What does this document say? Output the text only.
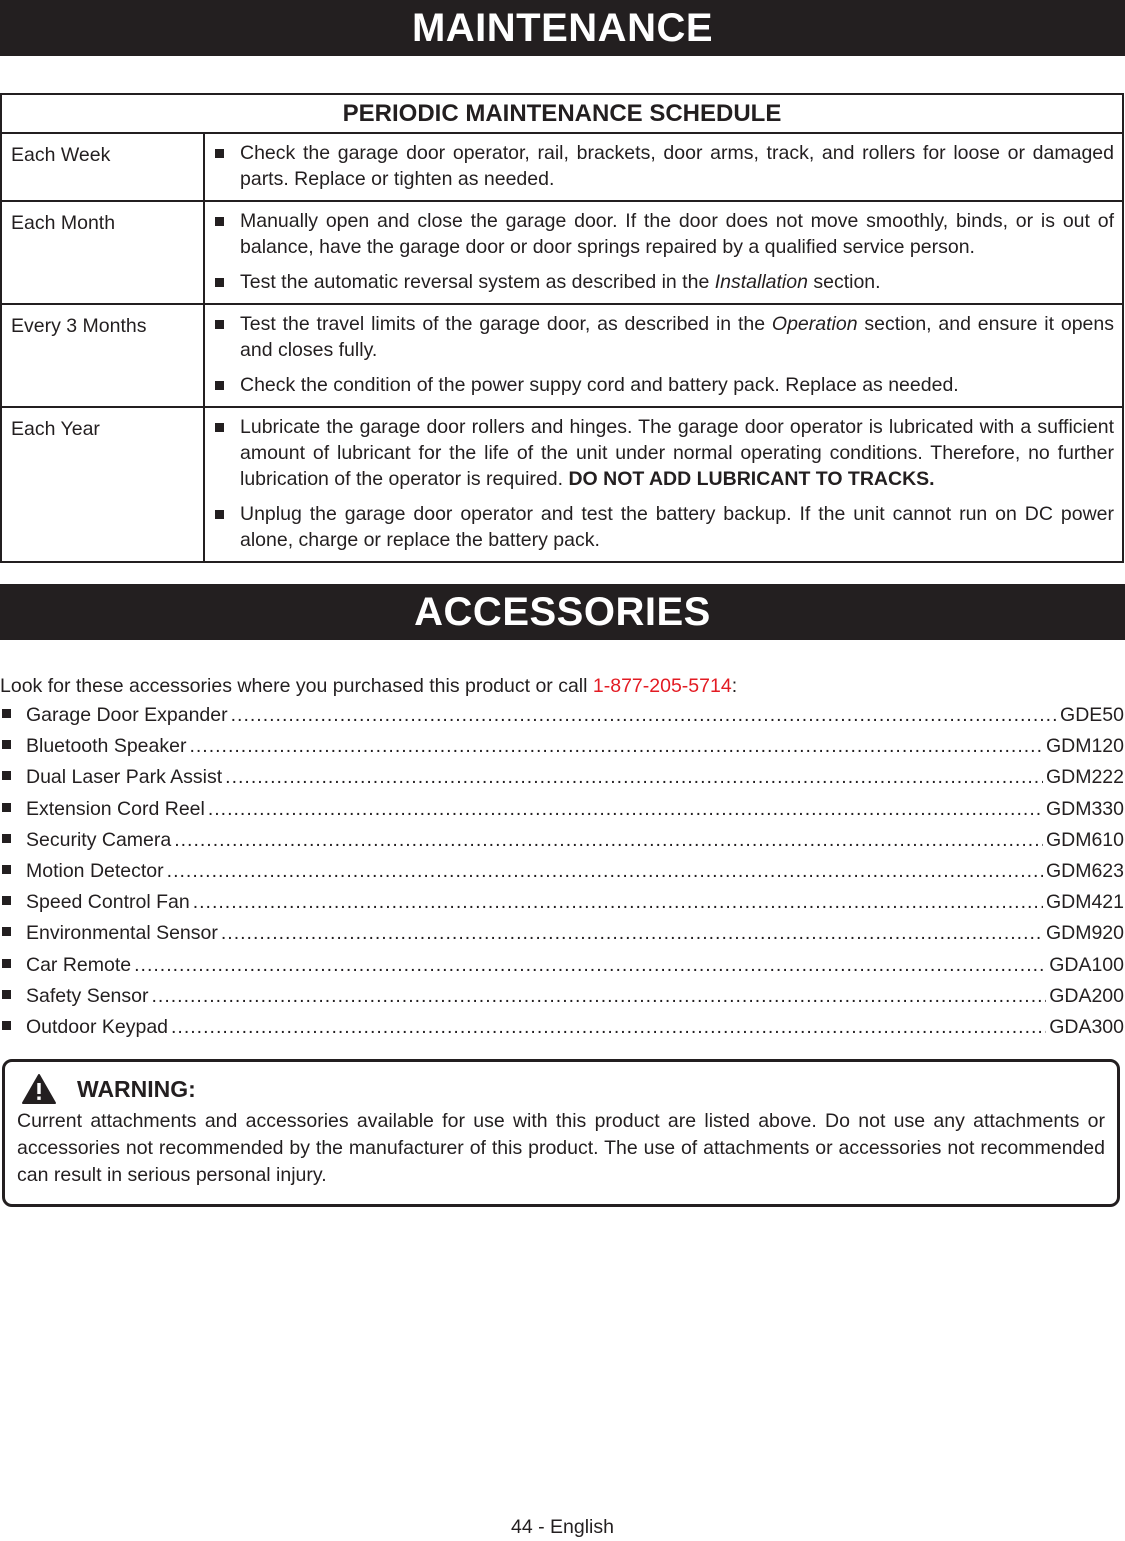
MAINTENANCE
PERIODIC MAINTENANCE SCHEDULE	
Each Week	Check the garage door operator, rail, brackets, door arms, track, and rollers for loose or damaged parts. Replace or tighten as needed.

Each Month	Manually open and close the garage door. If the door does not move smoothly, binds, or is out of balance, have the garage door or door springs repaired by a qualified service person.
Test the automatic reversal system as described in the Installation section.

Every 3 Months	Test the travel limits of the garage door, as described in the Operation section, and ensure it opens and closes fully.
Check the condition of the power suppy cord and battery pack. Replace as needed.

Each Year	Lubricate the garage door rollers and hinges. The garage door operator is lubricated with a sufficient amount of lubricant for the life of the unit under normal operating conditions. Therefore, no further lubrication of the operator is required. DO NOT ADD LUBRICANT TO TRACKS.
Unplug the garage door operator and test the battery backup. If the unit cannot run on DC power alone, charge or replace the battery pack.
ACCESSORIES
Look for these accessories where you purchased this product or call 1-877-205-5714:
Garage Door Expander .....	GDE50
Bluetooth Speaker .....	GDM120
Dual Laser Park Assist .....	GDM222
Extension Cord Reel .....	GDM330
Security Camera .....	GDM610
Motion Detector .....	GDM623
Speed Control Fan .....	GDM421
Environmental Sensor .....	GDM920
Car Remote .....	GDA100
Safety Sensor .....	GDA200
Outdoor Keypad .....	GDA300
WARNING:
Current attachments and accessories available for use with this product are listed above. Do not use any attachments or accessories not recommended by the manufacturer of this product. The use of attachments or accessories not recommended can result in serious personal injury.
44 - English
